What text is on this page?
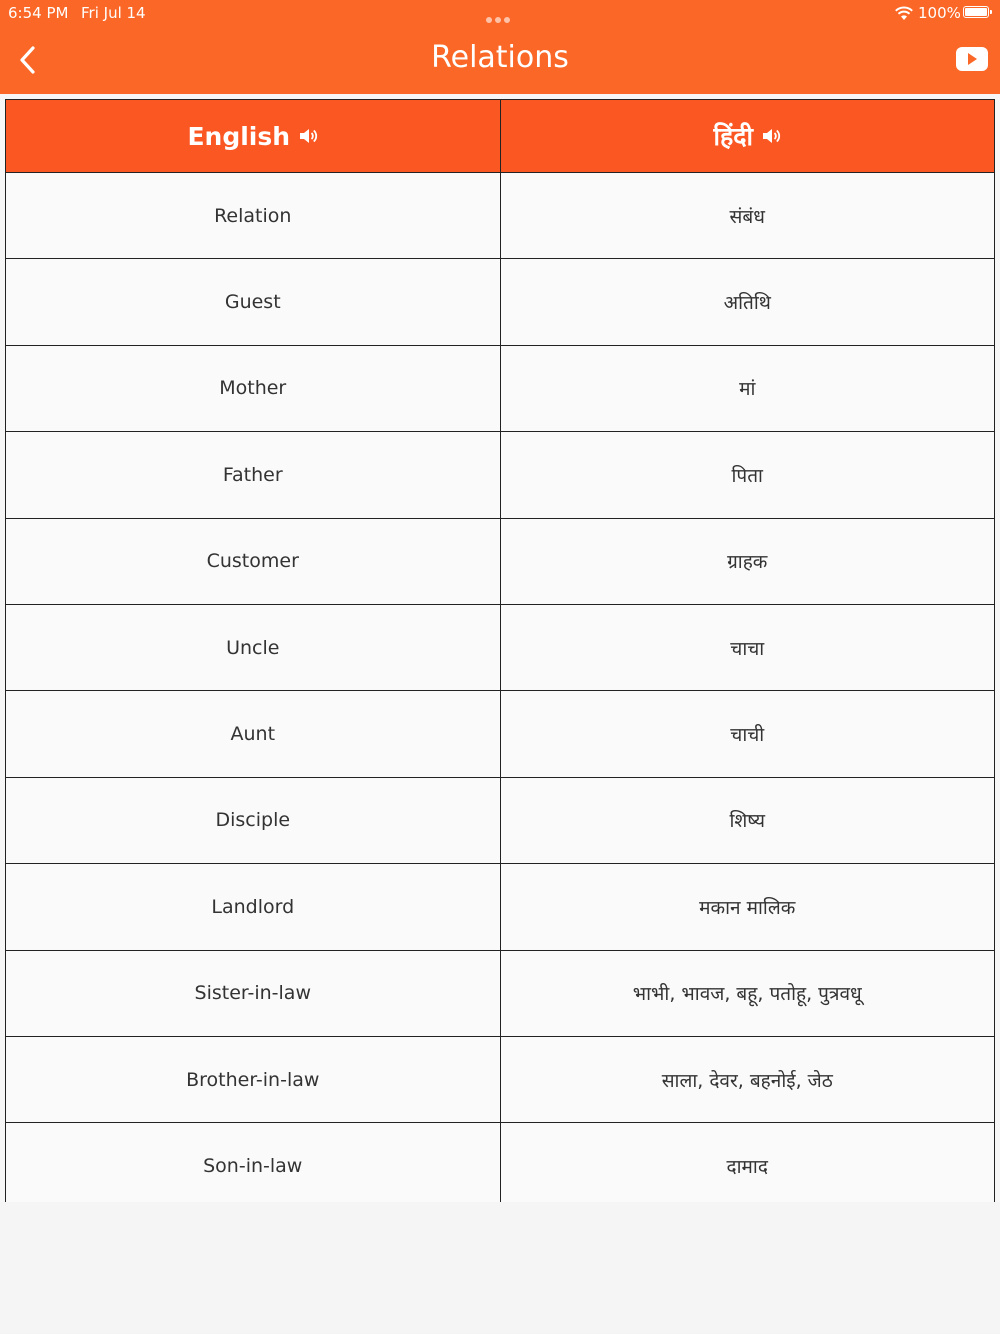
6:54 PM Fri Jul 14	100%
Relations
English	हिंदी
Relation	संबंध
Guest	अतिथि
Mother	मां
Father	पिता
Customer	ग्राहक
Uncle	चाचा
Aunt	चाची
Disciple	शिष्य
Landlord	मकान मालिक
Sister-in-law	भाभी, भावज, बहू, पतोहू, पुत्रवधू
Brother-in-law	साला, देवर, बहनोई, जेठ
Son-in-law	दामाद
